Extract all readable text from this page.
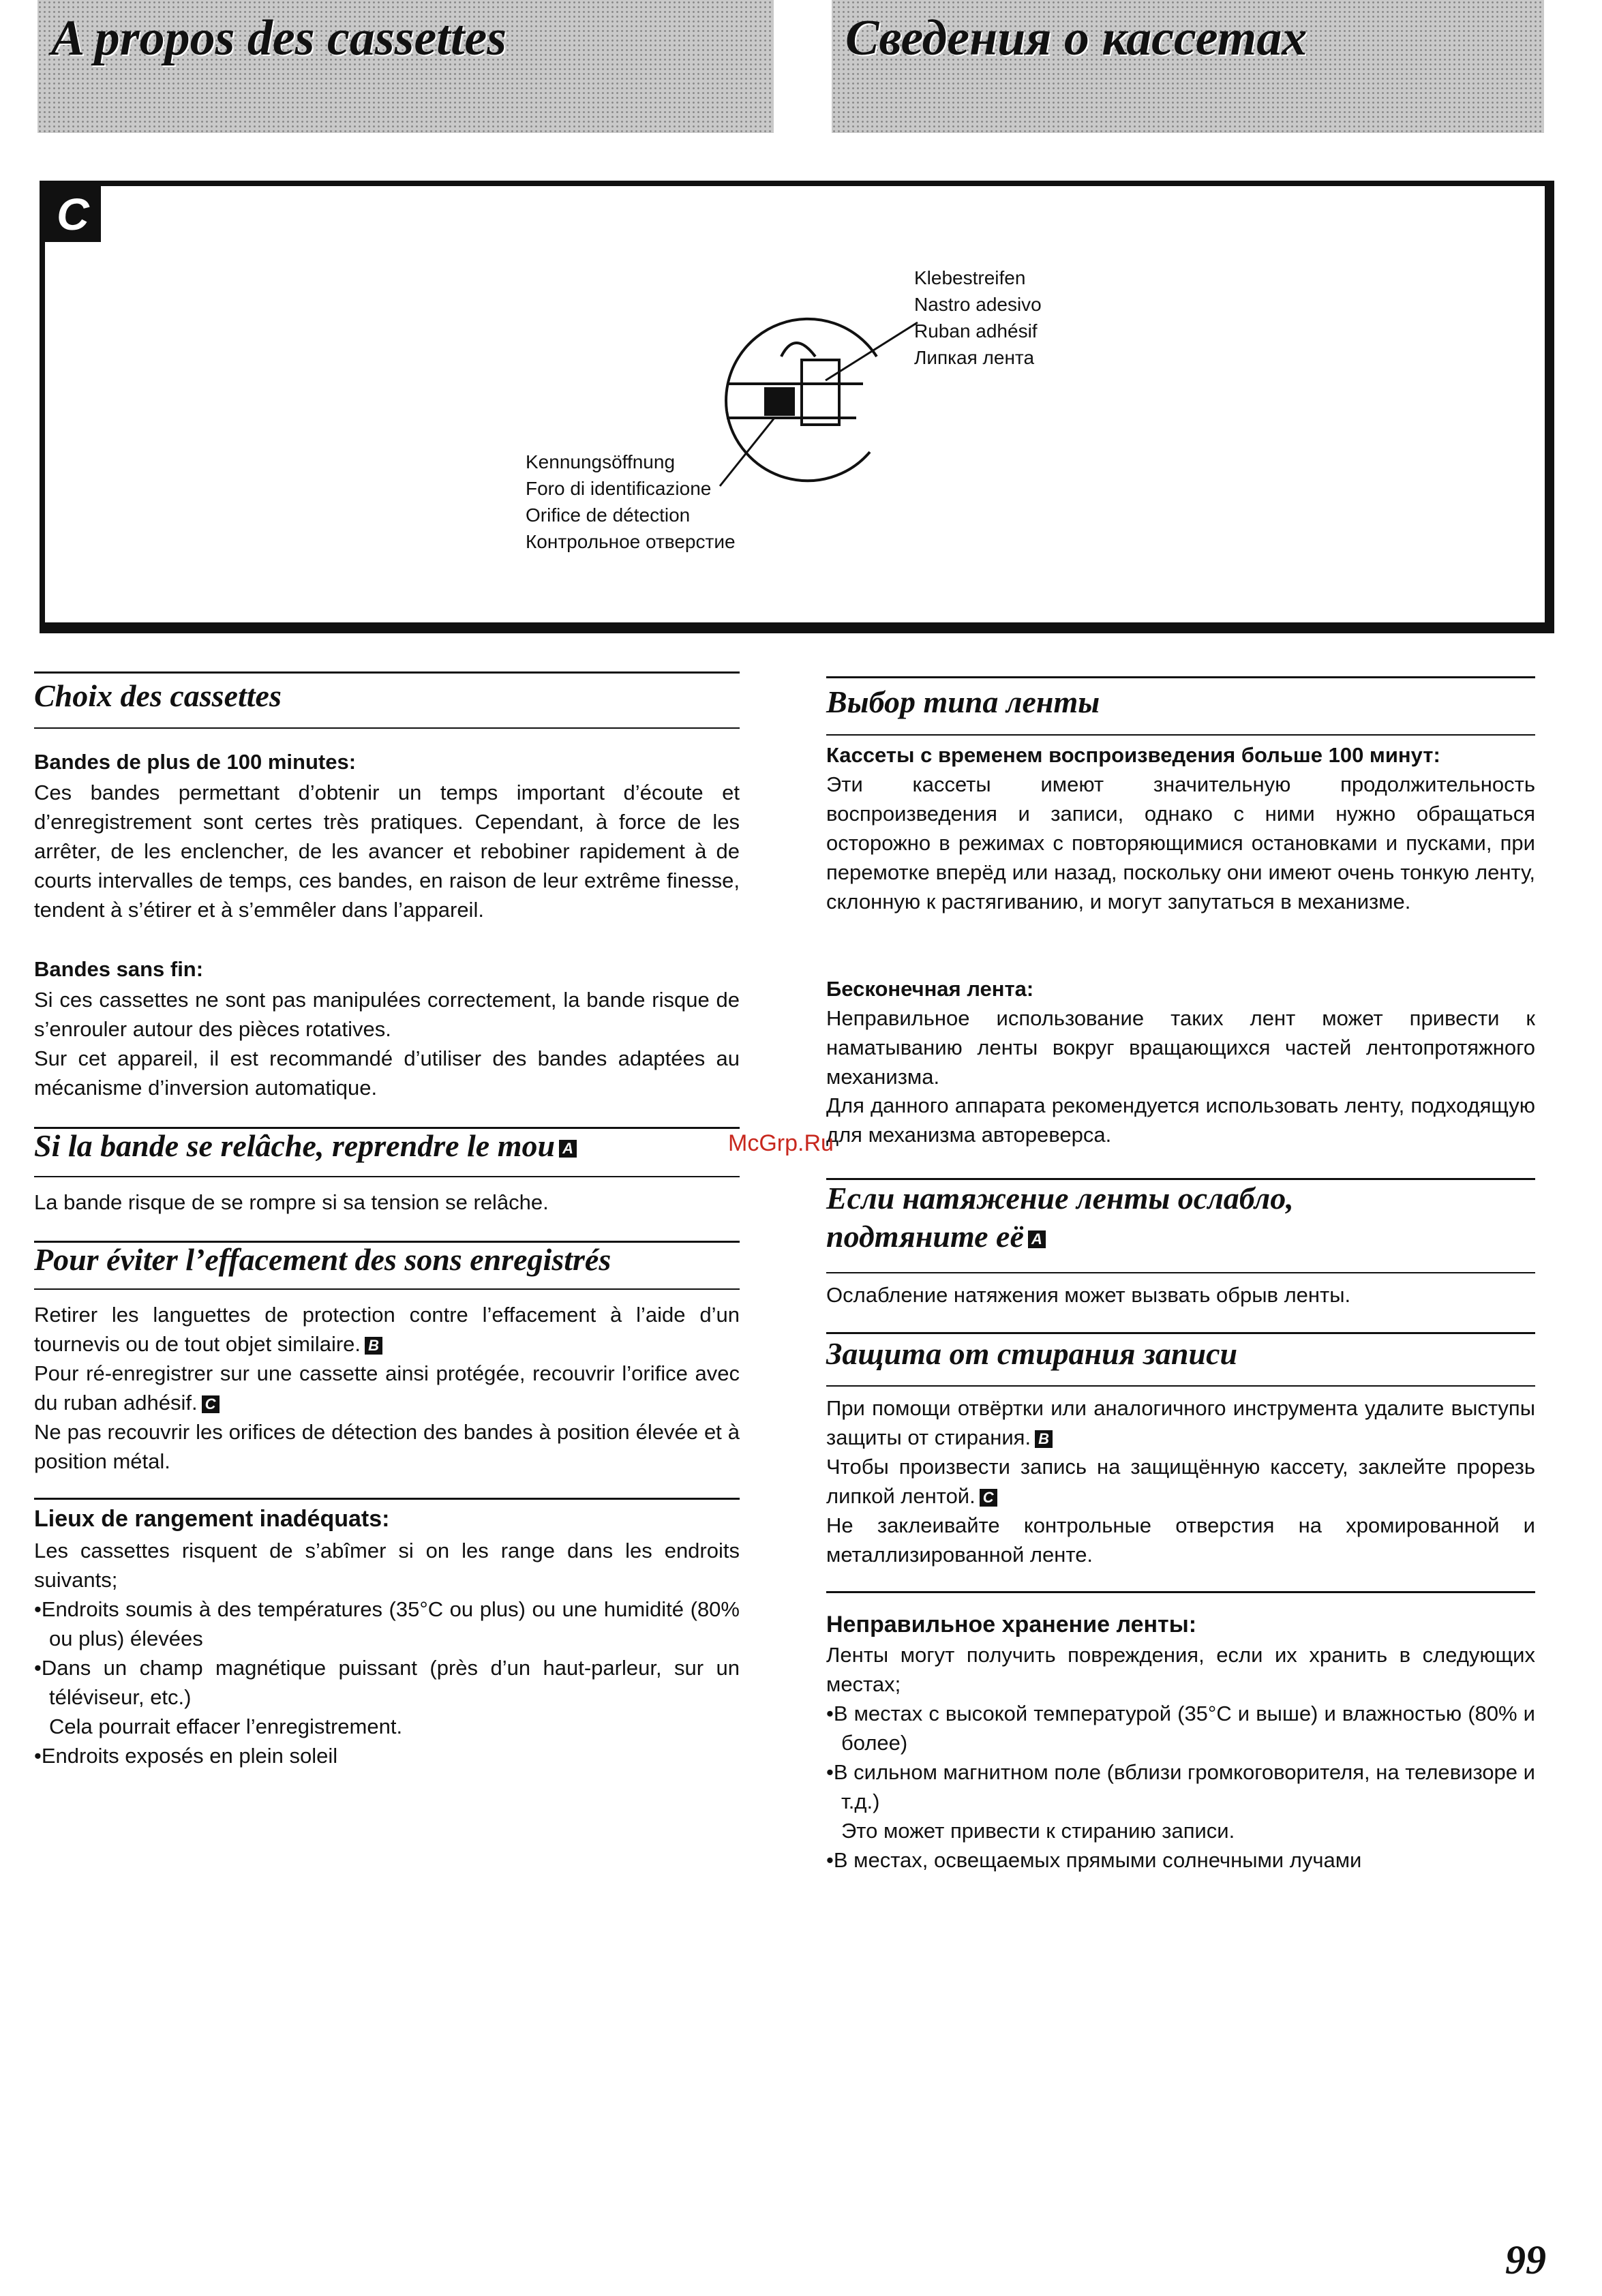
A propos des cassettes	Сведения о кассетах
C
Klebestreifen
Nastro adesivo
Ruban adhésif
Липкая лента
Kennungsöffnung
Foro di identificazione
Orifice de détection
Контрольное отверстие
Choix des cassettes
Bandes de plus de 100 minutes:

Ces bandes permettant d’obtenir un temps important d’écoute et d’enregistrement sont certes très pratiques. Cependant, à force de les arrêter, de les enclencher, de les avancer et rebobiner rapidement à de courts intervalles de temps, ces bandes, en raison de leur extrême finesse, tendent à s’étirer et à s’emmêler dans l’appareil.

Bandes sans fin:

Si ces cassettes ne sont pas manipulées correctement, la bande risque de s’enrouler autour des pièces rotatives.

Sur cet appareil, il est recommandé d’utiliser des bandes adaptées au mécanisme d’inversion automatique.

Si la bande se relâche, reprendre le mou A

La bande risque de se rompre si sa tension se relâche.

Pour éviter l’effacement des sons enregistrés

Retirer les languettes de protection contre l’effacement à l’aide d’un tournevis ou de tout objet similaire. B

Pour ré-enregistrer sur une cassette ainsi protégée, recouvrir l’orifice avec du ruban adhésif. C

Ne pas recouvrir les orifices de détection des bandes à position élevée et à position métal.

Lieux de rangement inadéquats:

Les cassettes risquent de s’abîmer si on les range dans les endroits suivants;

•Endroits soumis à des températures (35°C ou plus) ou une humidité (80% ou plus) élevées

•Dans un champ magnétique puissant (près d’un haut-parleur, sur un téléviseur, etc.)

Cela pourrait effacer l’enregistrement.

•Endroits exposés en plein soleil

Выбор типа ленты
Кассеты с временем воспроизведения больше 100 минут:

Эти кассеты имеют значительную продолжительность воспроизведения и записи, однако с ними нужно обращаться осторожно в режимах с повторяющимися остановками и пусками, при перемотке вперёд или назад, поскольку они имеют очень тонкую ленту, склонную к растягиванию, и могут запутаться в механизме.

Бесконечная лента:

Неправильное использование таких лент может привести к наматыванию ленты вокруг вращающихся частей лентопротяжного механизма.

Для данного аппарата рекомендуется использовать ленту, подходящую для механизма автореверса.

Если натяжение ленты ослабло,
подтяните её A

Ослабление натяжения может вызвать обрыв ленты.

Защита от стирания записи

При помощи отвёртки или аналогичного инструмента удалите выступы защиты от стирания. B

Чтобы произвести запись на защищённую кассету, заклейте прорезь липкой лентой. C

Не заклеивайте контрольные отверстия на хромированной и металлизированной ленте.

Неправильное хранение ленты:

Ленты могут получить повреждения, если их хранить в следующих местах;

•В местах с высокой температурой (35°C и выше) и влажностью (80% и более)

•В сильном магнитном поле (вблизи громкоговорителя, на телевизоре и т.д.)

Это может привести к стиранию записи.

•В местах, освещаемых прямыми солнечными лучами

McGrp.Ru
99
